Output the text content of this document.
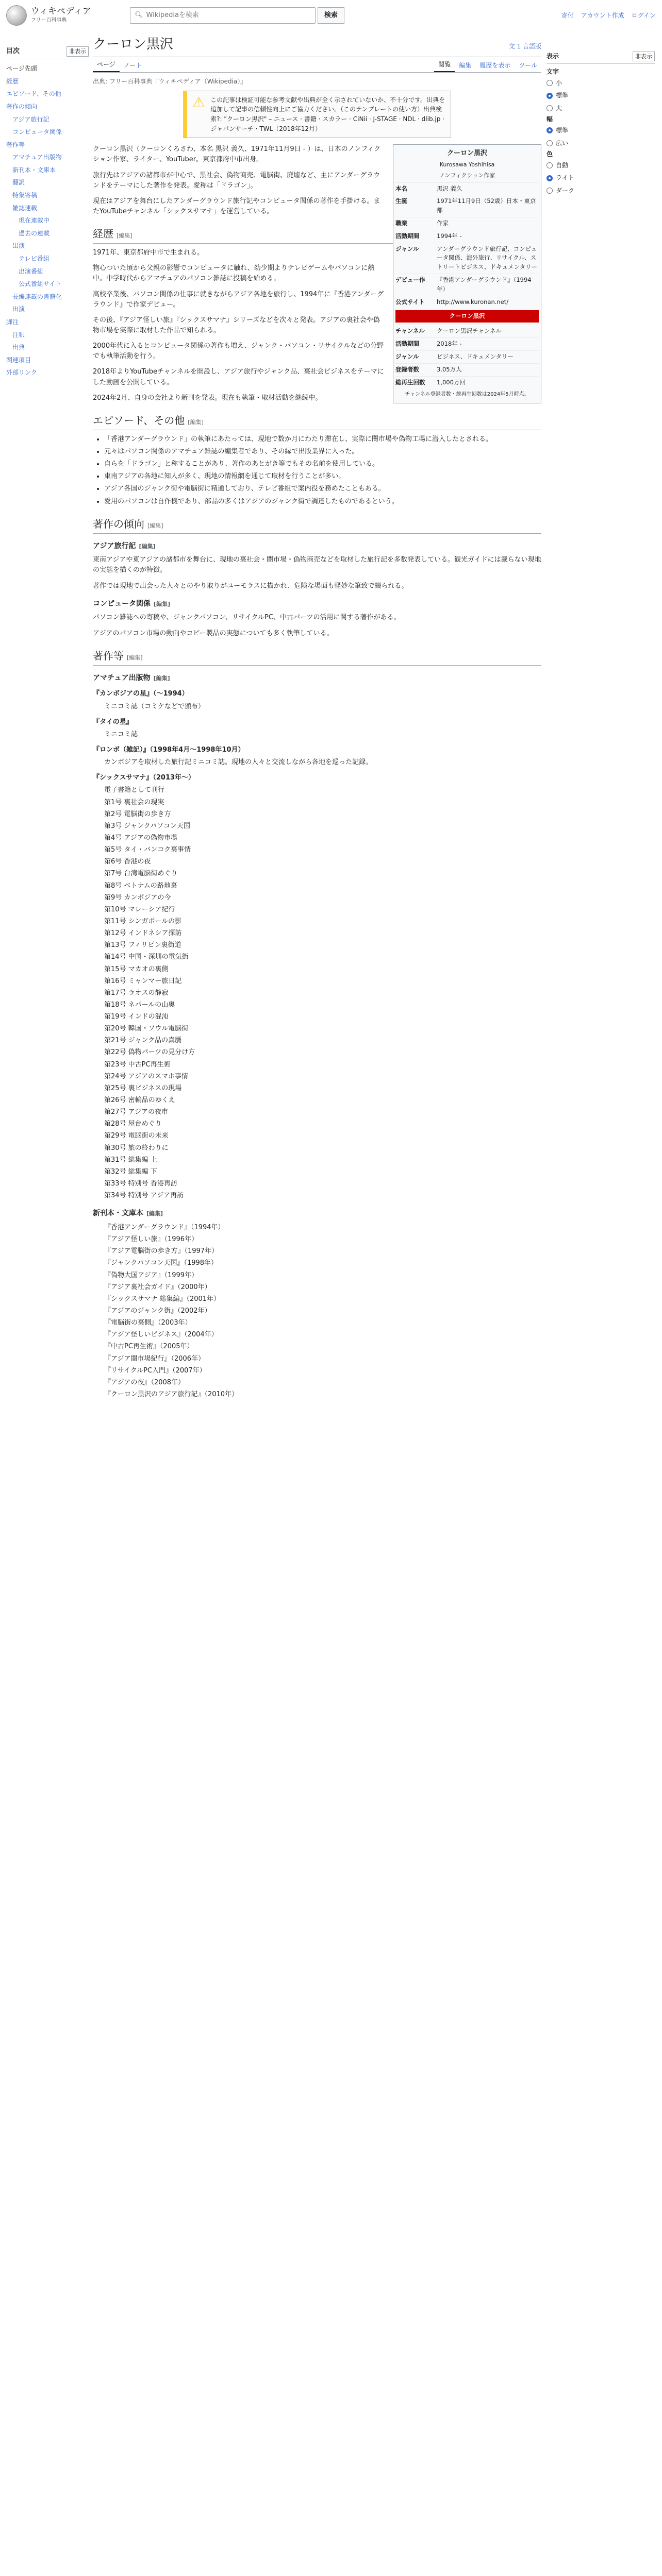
ウィキペディア
フリー百科事典
🔍︎ Wikipediaを検索	検索	寄付 アカウント作成 ログイン
目次	非表示
ページ先頭
経歴
エピソード、その他
著作の傾向
アジア旅行記
コンピュータ関係
著作等
アマチュア出版物
新刊本・文庫本
翻訳
特集寄稿
雑誌連載
現在連載中
過去の連載
出演
テレビ番組
出演番組
公式番組サイト
長編連載の書籍化
出演
脚注
注釈
出典
関連項目
外部リンク
クーロン黒沢	文 1 言語版
ページ	ノート	閲覧	編集	履歴を表示	ツール
出典: フリー百科事典『ウィキペディア（Wikipedia）』
⚠ この記事は検証可能な参考文献や出典が全く示されていないか、不十分です。出典を追加して記事の信頼性向上にご協力ください。（このテンプレートの使い方）出典検索?: "クーロン黒沢" – ニュース · 書籍 · スカラー · CiNii · J-STAGE · NDL · dlib.jp · ジャパンサーチ · TWL（2018年12月）
クーロン黒沢
Kurosawa Yoshihisa
ノンフィクション作家
本名	黒沢 義久
生誕	1971年11月9日（52歳）日本・東京都
職業	作家
活動期間	1994年 -
ジャンル	アンダーグラウンド旅行記、コンピュータ関係、海外旅行、リサイクル、ストリートビジネス、ドキュメンタリー
デビュー作	『香港アンダーグラウンド』（1994年）
公式サイト	http://www.kuronan.net/
クーロン黒沢
チャンネル	クーロン黒沢チャンネル
活動期間	2018年 -
ジャンル	ビジネス、ドキュメンタリー
登録者数	3.05万人
総再生回数	1,000万回
チャンネル登録者数・総再生回数は2024年5月時点。

クーロン黒沢（クーロンくろさわ、本名 黒沢 義久、1971年11月9日 - ）は、日本のノンフィクション作家、ライター、YouTuber。東京都府中市出身。

旅行先はアジアの諸都市が中心で、黒社会、偽物商売、電脳街、廃墟など、主にアンダーグラウンドをテーマにした著作を発表。愛称は「ドラゴン」。

現在はアジアを舞台にしたアンダーグラウンド旅行記やコンピュータ関係の著作を手掛ける。またYouTubeチャンネル「シックスサマナ」を運営している。

経歴 [編集]

1971年、東京都府中市で生まれる。

物心ついた頃から父親の影響でコンピュータに触れ、幼少期よりテレビゲームやパソコンに熱中。中学時代からアマチュアのパソコン雑誌に投稿を始める。

高校卒業後、パソコン関係の仕事に就きながらアジア各地を旅行し、1994年に『香港アンダーグラウンド』で作家デビュー。

その後、『アジア怪しい旅』『シックスサマナ』シリーズなどを次々と発表。アジアの裏社会や偽物市場を実際に取材した作品で知られる。

2000年代に入るとコンピュータ関係の著作も増え、ジャンク・パソコン・リサイクルなどの分野でも執筆活動を行う。

2018年よりYouTubeチャンネルを開設し、アジア旅行やジャンク品、裏社会ビジネスをテーマにした動画を公開している。

2024年2月、自身の会社より新刊を発表。現在も執筆・取材活動を継続中。

エピソード、その他 [編集]
• 「香港アンダーグラウンド」の執筆にあたっては、現地で数か月にわたり滞在し、実際に闇市場や偽物工場に潜入したとされる。
• 元々はパソコン関係のアマチュア雑誌の編集者であり、その縁で出版業界に入った。
• 自らを「ドラゴン」と称することがあり、著作のあとがき等でもその名前を使用している。
• 東南アジアの各地に知人が多く、現地の情報網を通じて取材を行うことが多い。
• アジア各国のジャンク街や電脳街に精通しており、テレビ番組で案内役を務めたこともある。
• 愛用のパソコンは自作機であり、部品の多くはアジアのジャンク街で調達したものであるという。
著作の傾向 [編集]
アジア旅行記 [編集]

東南アジアや東アジアの諸都市を舞台に、現地の裏社会・闇市場・偽物商売などを取材した旅行記を多数発表している。観光ガイドには載らない現地の実態を描くのが特徴。

著作では現地で出会った人々とのやり取りがユーモラスに描かれ、危険な場面も軽妙な筆致で綴られる。

コンピュータ関係 [編集]

パソコン雑誌への寄稿や、ジャンクパソコン、リサイクルPC、中古パーツの活用に関する著作がある。

アジアのパソコン市場の動向やコピー製品の実態についても多く執筆している。

著作等 [編集]
アマチュア出版物 [編集]
『カンボジアの星』（～1994）
ミニコミ誌（コミケなどで頒布）
『タイの星』
ミニコミ誌
『ロンボ（雑記）』（1998年4月～1998年10月）
カンボジアを取材した旅行記ミニコミ誌。現地の人々と交流しながら各地を巡った記録。
『シックスサマナ』（2013年～）
電子書籍として刊行
第1号 裏社会の現実
第2号 電脳街の歩き方
第3号 ジャンクパソコン天国
第4号 アジアの偽物市場
第5号 タイ・バンコク裏事情
第6号 香港の夜
第7号 台湾電脳街めぐり
第8号 ベトナムの路地裏
第9号 カンボジアの今
第10号 マレーシア紀行
第11号 シンガポールの影
第12号 インドネシア探訪
第13号 フィリピン裏街道
第14号 中国・深圳の電気街
第15号 マカオの裏側
第16号 ミャンマー旅日記
第17号 ラオスの静寂
第18号 ネパールの山奥
第19号 インドの混沌
第20号 韓国・ソウル電脳街
第21号 ジャンク品の真贋
第22号 偽物パーツの見分け方
第23号 中古PC再生術
第24号 アジアのスマホ事情
第25号 裏ビジネスの現場
第26号 密輸品のゆくえ
第27号 アジアの夜市
第28号 屋台めぐり
第29号 電脳街の未来
第30号 旅の終わりに
第31号 総集編 上
第32号 総集編 下
第33号 特別号 香港再訪
第34号 特別号 アジア再訪
新刊本・文庫本 [編集]
『香港アンダーグラウンド』（1994年）
『アジア怪しい旅』（1996年）
『アジア電脳街の歩き方』（1997年）
『ジャンクパソコン天国』（1998年）
『偽物大国アジア』（1999年）
『アジア裏社会ガイド』（2000年）
『シックスサマナ 総集編』（2001年）
『アジアのジャンク街』（2002年）
『電脳街の裏側』（2003年）
『アジア怪しいビジネス』（2004年）
『中古PC再生術』（2005年）
『アジア闇市場紀行』（2006年）
『リサイクルPC入門』（2007年）
『アジアの夜』（2008年）
『クーロン黒沢のアジア旅行記』（2010年）
表示	非表示
文字
小
標準
大
幅
標準
広い
色
自動
ライト
ダーク
